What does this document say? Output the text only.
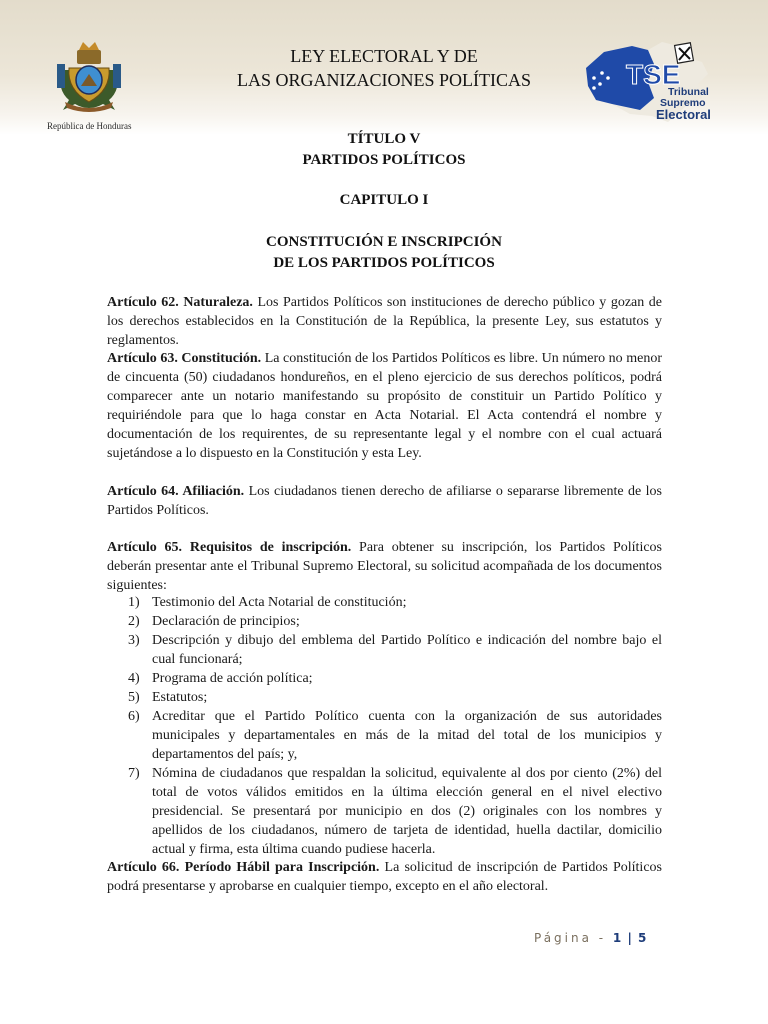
República de Honduras
LEY ELECTORAL Y DE
LAS ORGANIZACIONES POLÍTICAS	TSE
Tribunal
Supremo
Electoral
TÍTULO V
PARTIDOS POLÍTICOS
CAPITULO I
CONSTITUCIÓN E INSCRIPCIÓN
DE LOS PARTIDOS POLÍTICOS
Artículo 62. Naturaleza. Los Partidos Políticos son instituciones de derecho público y gozan de los derechos establecidos en la Constitución de la República, la presente Ley, sus estatutos y reglamentos.
Artículo 63. Constitución. La constitución de los Partidos Políticos es libre. Un número no menor de cincuenta (50) ciudadanos hondureños, en el pleno ejercicio de sus derechos políticos, podrá comparecer ante un notario manifestando su propósito de constituir un Partido Político y requiriéndole para que lo haga constar en Acta Notarial. El Acta contendrá el nombre y documentación de los requirentes, de su representante legal y el nombre con el cual actuará sujetándose a lo dispuesto en la Constitución y esta Ley.
Artículo 64. Afiliación. Los ciudadanos tienen derecho de afiliarse o separarse libremente de los Partidos Políticos.
Artículo 65. Requisitos de inscripción. Para obtener su inscripción, los Partidos Políticos deberán presentar ante el Tribunal Supremo Electoral, su solicitud acompañada de los documentos siguientes:
1) Testimonio del Acta Notarial de constitución;
2) Declaración de principios;
3) Descripción y dibujo del emblema del Partido Político e indicación del nombre bajo el cual funcionará;
4) Programa de acción política;
5) Estatutos;
6) Acreditar que el Partido Político cuenta con la organización de sus autoridades municipales y departamentales en más de la mitad del total de los municipios y departamentos del país; y,
7) Nómina de ciudadanos que respaldan la solicitud, equivalente al dos por ciento (2%) del total de votos válidos emitidos en la última elección general en el nivel electivo presidencial. Se presentará por municipio en dos (2) originales con los nombres y apellidos de los ciudadanos, número de tarjeta de identidad, huella dactilar, domicilio actual y firma, esta última cuando pudiese hacerla.
Artículo 66. Período Hábil para Inscripción. La solicitud de inscripción de Partidos Políticos podrá presentarse y aprobarse en cualquier tiempo, excepto en el año electoral.
Página - 1 | 5
